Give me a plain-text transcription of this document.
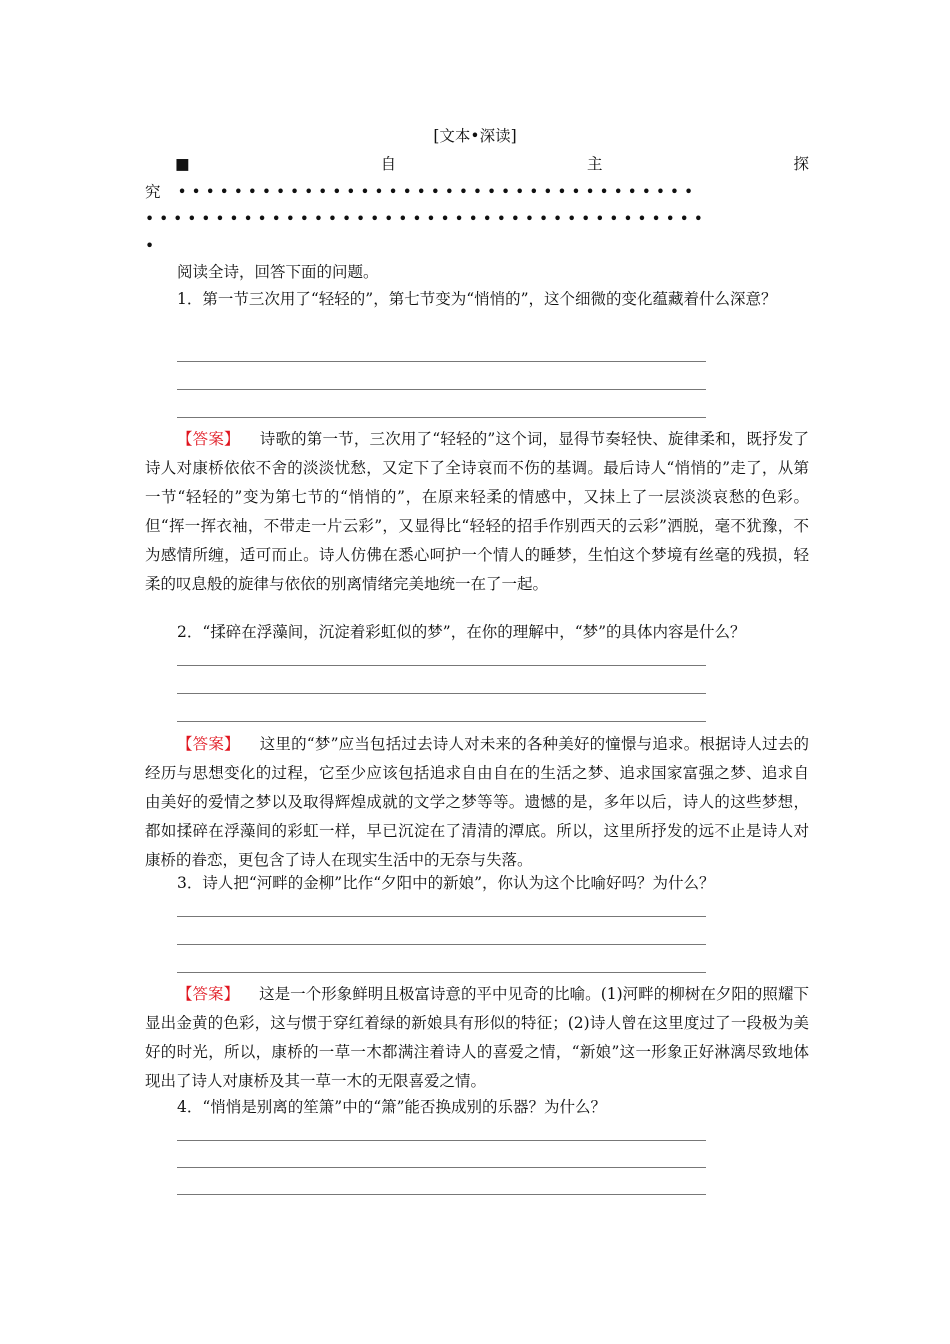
[文本•深读]
■	自	主	探
究 • • • • • • • • • • • • • • • • • • • • • • • • • • • • • • • • • • • • •
• • • • • • • • • • • • • • • • • • • • • • • • • • • • • • • • • • • • • • • •
•
阅读全诗，回答下面的问题。
1．第一节三次用了“轻轻的”，第七节变为“悄悄的”，这个细微的变化蕴藏着什么深意？
【答案】 诗歌的第一节，三次用了“轻轻的”这个词，显得节奏轻快、旋律柔和，既抒发了诗人对康桥依依不舍的淡淡忧愁，又定下了全诗哀而不伤的基调。最后诗人“悄悄的”走了，从第一节“轻轻的”变为第七节的“悄悄的”，在原来轻柔的情感中，又抹上了一层淡淡哀愁的色彩。但“挥一挥衣袖，不带走一片云彩”，又显得比“轻轻的招手作别西天的云彩”洒脱，毫不犹豫，不为感情所缠，适可而止。诗人仿佛在悉心呵护一个情人的睡梦，生怕这个梦境有丝毫的残损，轻柔的叹息般的旋律与依依的别离情绪完美地统一在了一起。
2．“揉碎在浮藻间，沉淀着彩虹似的梦”，在你的理解中，“梦”的具体内容是什么？
【答案】 这里的“梦”应当包括过去诗人对未来的各种美好的憧憬与追求。根据诗人过去的经历与思想变化的过程，它至少应该包括追求自由自在的生活之梦、追求国家富强之梦、追求自由美好的爱情之梦以及取得辉煌成就的文学之梦等等。遗憾的是，多年以后，诗人的这些梦想，都如揉碎在浮藻间的彩虹一样，早已沉淀在了清清的潭底。所以，这里所抒发的远不止是诗人对康桥的眷恋，更包含了诗人在现实生活中的无奈与失落。
3．诗人把“河畔的金柳”比作“夕阳中的新娘”，你认为这个比喻好吗？为什么？
【答案】 这是一个形象鲜明且极富诗意的平中见奇的比喻。(1)河畔的柳树在夕阳的照耀下显出金黄的色彩，这与惯于穿红着绿的新娘具有形似的特征；(2)诗人曾在这里度过了一段极为美好的时光，所以，康桥的一草一木都满注着诗人的喜爱之情，“新娘”这一形象正好淋漓尽致地体现出了诗人对康桥及其一草一木的无限喜爱之情。
4．“悄悄是别离的笙箫”中的“箫”能否换成别的乐器？为什么？
